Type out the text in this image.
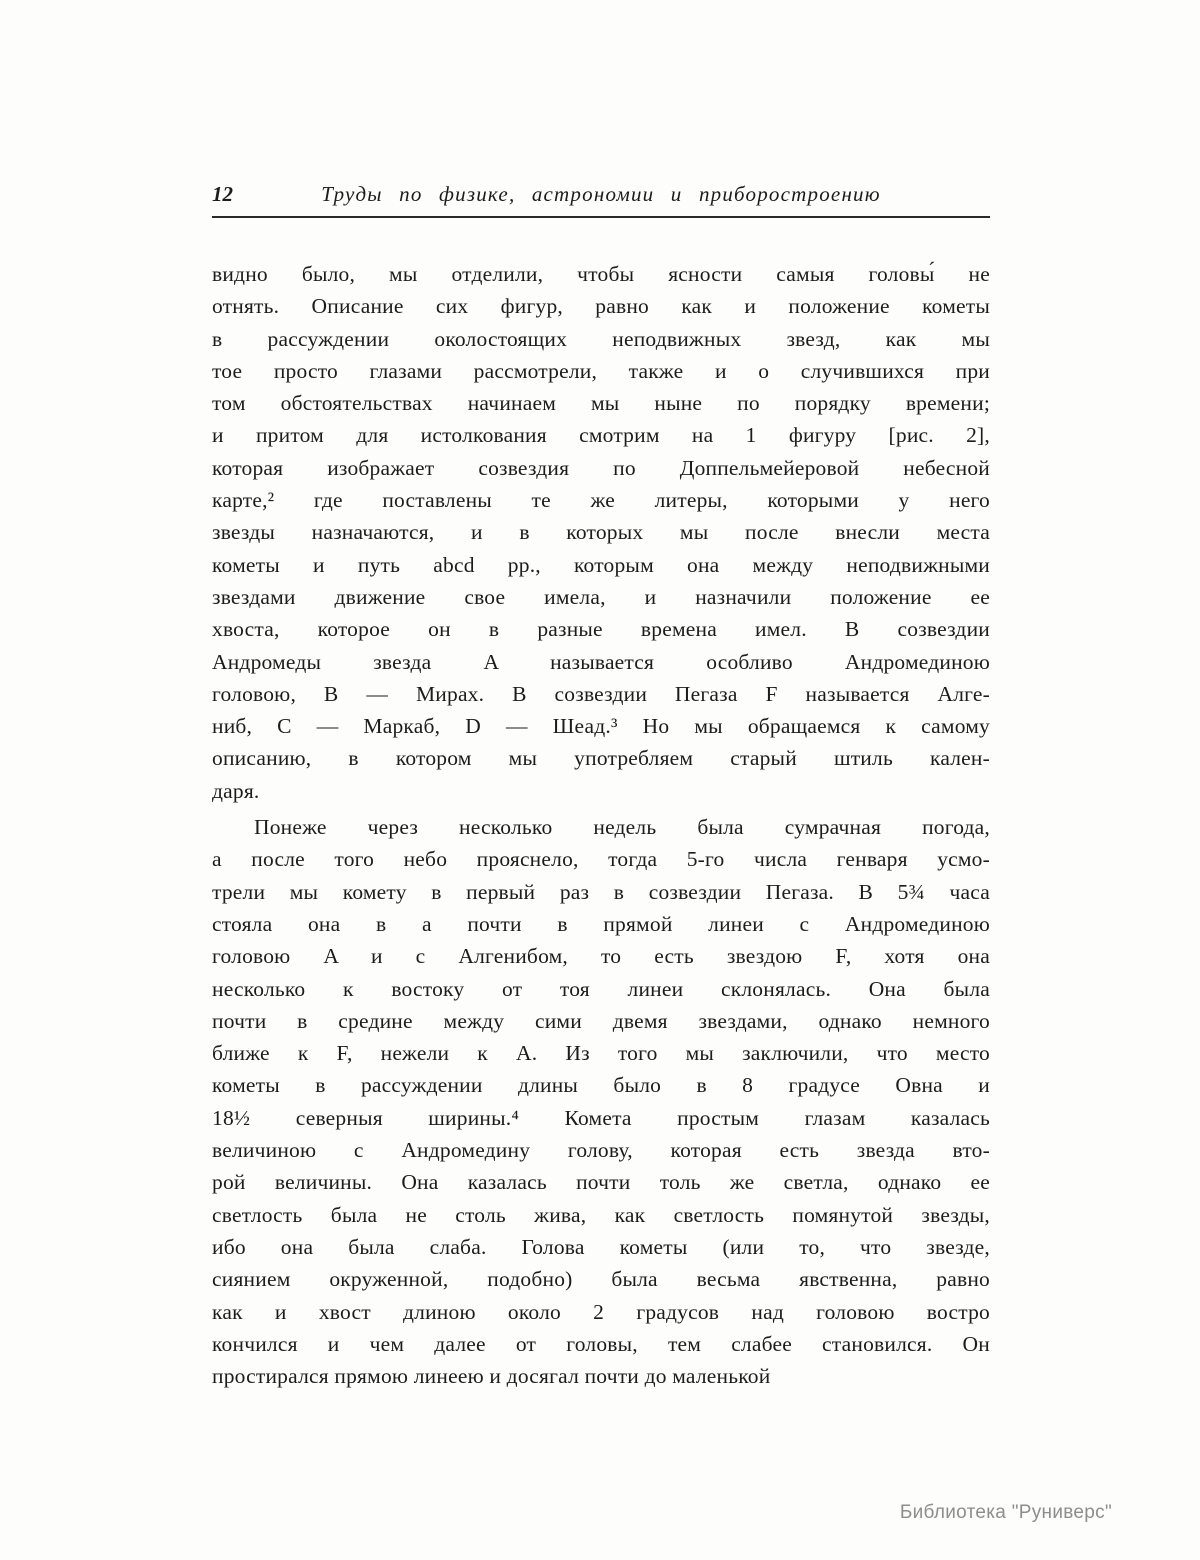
12	Труды по физике, астрономии и приборостроению
видно было, мы отделили, чтобы ясности самыя головы́ не
отнять. Описание сих фигур, равно как и положение кометы
в рассуждении околостоящих неподвижных звезд, как мы
тое просто глазами рассмотрели, также и о случившихся при
том обстоятельствах начинаем мы ныне по порядку времени;
и притом для истолкования смотрим на 1 фигуру [рис. 2],
которая изображает созвездия по Доппельмейеровой небесной
карте,² где поставлены те же литеры, которыми у него
звезды назначаются, и в которых мы после внесли места
кометы и путь abcd рр., которым она между неподвижными
звездами движение свое имела, и назначили положение ее
хвоста, которое он в разные времена имел. В созвездии
Андромеды звезда A называется особливо Андромединою
головою, B — Мирах. В созвездии Пегаза F называется Алге-
ниб, C — Маркаб, D — Шеад.³ Но мы обращаемся к самому
описанию, в котором мы употребляем старый штиль кален-
даря.
Понеже через несколько недель была сумрачная погода,
а после того небо прояснело, тогда 5-го числа генваря усмо-
трели мы комету в первый раз в созвездии Пегаза. В 5¾ часа
стояла она в a почти в прямой линеи с Андромединою
головою A и с Алгенибом, то есть звездою F, хотя она
несколько к востоку от тоя линеи склонялась. Она была
почти в средине между сими двемя звездами, однако немного
ближе к F, нежели к A. Из того мы заключили, что место
кометы в рассуждении длины было в 8 градусе Овна и
18½ северныя ширины.⁴ Комета простым глазам казалась
величиною с Андромедину голову, которая есть звезда вто-
рой величины. Она казалась почти толь же светла, однако ее
светлость была не столь жива, как светлость помянутой звезды,
ибо она была слаба. Голова кометы (или то, что звезде,
сиянием окруженной, подобно) была весьма явственна, равно
как и хвост длиною около 2 градусов над головою востро
кончился и чем далее от головы, тем слабее становился. Он
простирался прямою линеею и досягал почти до маленькой
Библиотека "Руниверс"
